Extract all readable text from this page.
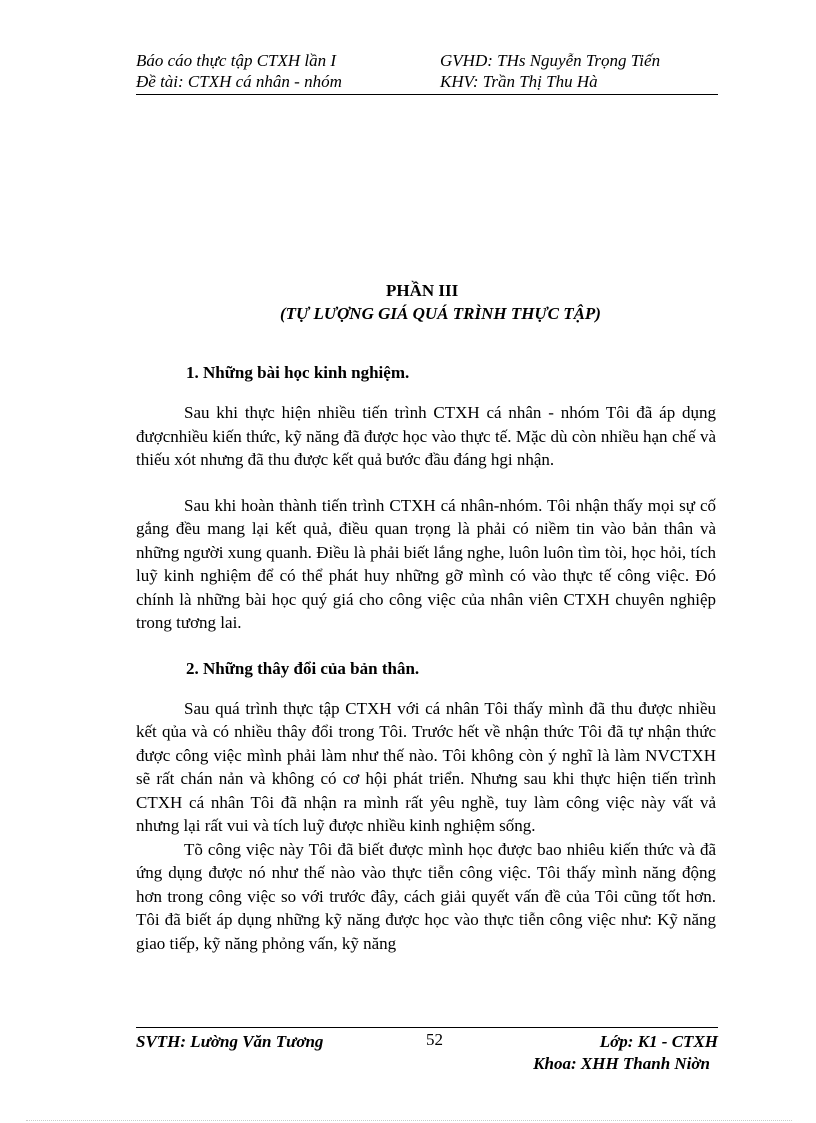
Báo cáo thực tập CTXH lần I	GVHD: THs Nguyễn Trọng Tiến
Đề tài: CTXH cá nhân - nhóm	KHV: Trần Thị Thu Hà
PHẦN III
(TỰ LƯỢNG GIÁ QUÁ TRÌNH THỰC TẬP)
1. Những bài học kinh nghiệm.

Sau khi thực hiện nhiều tiến trình CTXH cá nhân - nhóm Tôi đã áp dụng đượcnhiều kiến thức, kỹ năng đã được học vào thực tế. Mặc dù còn nhiều hạn chế và thiếu xót nhưng đã thu được kết quả bước đầu đáng hgi nhận.

Sau khi hoàn thành tiến trình CTXH cá nhân-nhóm. Tôi nhận thấy mọi sự cố gắng đều mang lại kết quả, điều quan trọng là phải có niềm tin vào bản thân và những người xung quanh. Điều là phải biết lắng nghe, luôn luôn tìm tòi, học hỏi, tích luỹ kinh nghiệm để có thể phát huy những gỡ mình có vào thực tế công việc. Đó chính là những bài học quý giá cho công việc của nhân viên CTXH chuyên nghiệp trong tương lai.

2. Những thây đổi của bản thân.

Sau quá trình thực tập CTXH với cá nhân Tôi thấy mình đã thu được nhiều kết qủa và có nhiều thây đổi trong Tôi. Trước hết về nhận thức Tôi đã tự nhận thức được công việc mình phải làm như thế nào. Tôi không còn ý nghĩ là làm NVCTXH sẽ rất chán nản và không có cơ hội phát triển. Nhưng sau khi thực hiện tiến trình CTXH cá nhân Tôi đã nhận ra mình rất yêu nghề, tuy làm công việc này vất vả nhưng lại rất vui và tích luỹ được nhiều kinh nghiệm sống.

Tõ công việc này Tôi đã biết được mình học được bao nhiêu kiến thức và đã ứng dụng được nó như thế nào vào thực tiễn công việc. Tôi thấy mình năng động hơn trong công việc so với trước đây, cách giải quyết vấn đề của Tôi cũng tốt hơn. Tôi đã biết áp dụng những kỹ năng được học vào thực tiễn công việc như: Kỹ năng giao tiếp, kỹ năng phỏng vấn, kỹ năng

SVTH: Lường Văn Tương	52	Lớp: K1 - CTXH
Khoa: XHH Thanh Niờn
